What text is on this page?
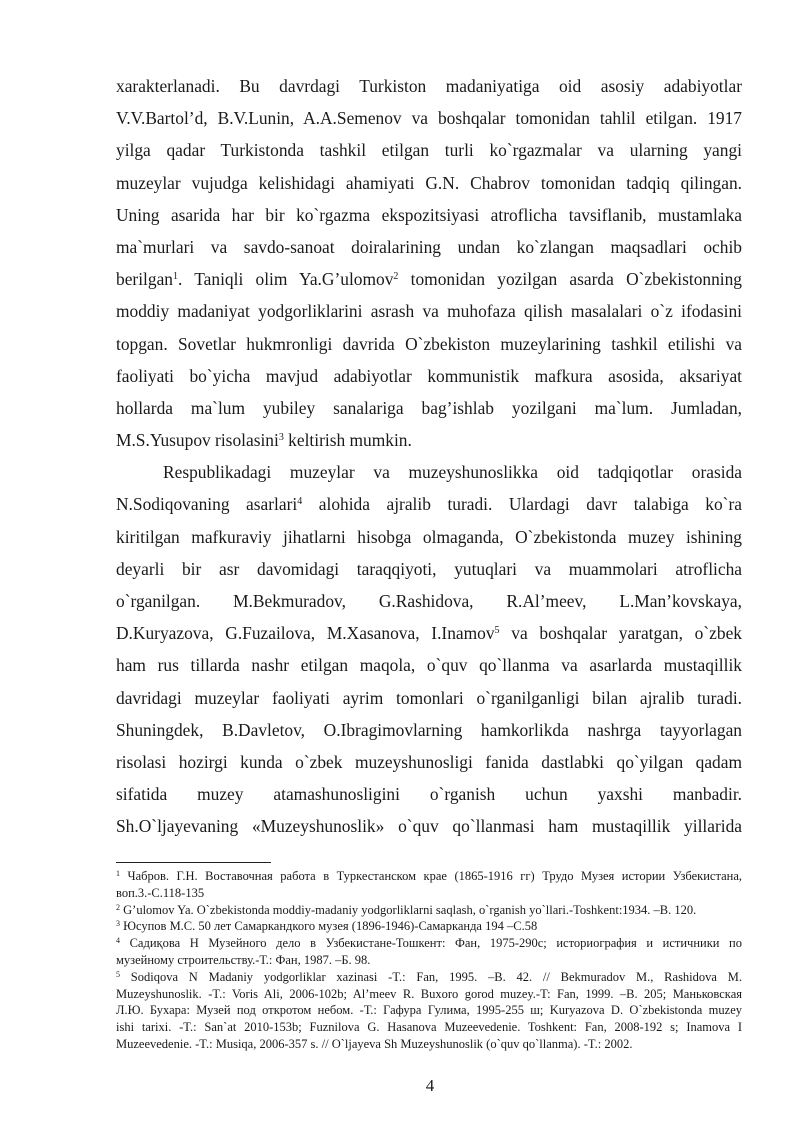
xarakterlanadi. Bu davrdagi Turkiston madaniyatiga oid asosiy adabiyotlar
V.V.Bartol’d, B.V.Lunin, A.A.Semenov va boshqalar tomonidan tahlil etilgan. 1917
yilga qadar Turkistonda tashkil etilgan turli ko`rgazmalar va ularning yangi
muzeylar vujudga kelishidagi ahamiyati G.N. Chabrov tomonidan tadqiq qilingan.
Uning asarida har bir ko`rgazma ekspozitsiyasi atroflicha tavsiflanib, mustamlaka
ma`murlari va savdo-sanoat doiralarining undan ko`zlangan maqsadlari ochib
berilgan$^1$. Taniqli olim Ya.G’ulomov$^2$ tomonidan yozilgan asarda O`zbekistonning
moddiy madaniyat yodgorliklarini asrash va muhofaza qilish masalalari o`z ifodasini
topgan. Sovetlar hukmronligi davrida O`zbekiston muzeylarining tashkil etilishi va
faoliyati bo`yicha mavjud adabiyotlar kommunistik mafkura asosida, aksariyat
hollarda ma`lum yubiley sanalariga bag’ishlab yozilgani ma`lum. Jumladan,
M.S.Yusupov risolasini$^3$ keltirish mumkin.
Respublikadagi muzeylar va muzeyshunoslikka oid tadqiqotlar orasida
N.Sodiqovaning asarlari$^4$ alohida ajralib turadi. Ulardagi davr talabiga ko`ra
kiritilgan mafkuraviy jihatlarni hisobga olmaganda, O`zbekistonda muzey ishining
deyarli bir asr davomidagi taraqqiyoti, yutuqlari va muammolari atroflicha
o`rganilgan. M.Bekmuradov, G.Rashidova, R.Al’meev, L.Man’kovskaya,
D.Kuryazova, G.Fuzailova, M.Xasanova, I.Inamov$^5$ va boshqalar yaratgan, o`zbek
ham rus tillarda nashr etilgan maqola, o`quv qo`llanma va asarlarda mustaqillik
davridagi muzeylar faoliyati ayrim tomonlari o`rganilganligi bilan ajralib turadi.
Shuningdek, B.Davletov, O.Ibragimovlarning hamkorlikda nashrga tayyorlagan
risolasi hozirgi kunda o`zbek muzeyshunosligi fanida dastlabki qo`yilgan qadam
sifatida muzey atamashunosligini o`rganish uchun yaxshi manbadir.
Sh.O`ljayevaning «Muzeyshunoslik» o`quv qo`llanmasi ham mustaqillik yillarida
$^1$ Чабров. Г.Н. Воставочная работа в Туркестанском крае (1865-1916 гг) Трудо Музея истории Узбекистана,
воп.3.-С.118-135
$^2$ G’ulomov Ya. O`zbekistonda moddiy-madaniy yodgorliklarni saqlash, o`rganish yo`llari.-Toshkent:1934. –B. 120.
$^3$ Юсупов М.С. 50 лет Самаркандкого музея (1896-1946)-Самарканда 194 –С.58
$^4$ Садиқова Н Музейного дело в Узбекистане-Тошкент: Фан, 1975-290с; историография и истичники по
музейному строительству.-Т.: Фан, 1987. –Б. 98.
$^5$ Sodiqova N Madaniy yodgorliklar xazinasi -T.: Fan, 1995. –B. 42. // Bekmuradov M., Rashidova M.
Muzeyshunoslik. -T.: Voris Ali, 2006-102b; Al’meev R. Buxoro gorod muzey.-T: Fan, 1999. –B. 205; Маньковская
Л.Ю. Бухара: Музей под откротом небом. -Т.: Гафура Гулима, 1995-255 ш; Kuryazova D. O`zbekistonda muzey
ishi tarixi. -T.: San`at 2010-153b; Fuznilova G. Hasanova Muzeevedenie. Toshkent: Fan, 2008-192 s; Inamova I
Muzeevedenie. -T.: Musiqa, 2006-357 s. // O`ljayeva Sh Muzeyshunoslik (o`quv qo`llanma). -T.: 2002.
4
